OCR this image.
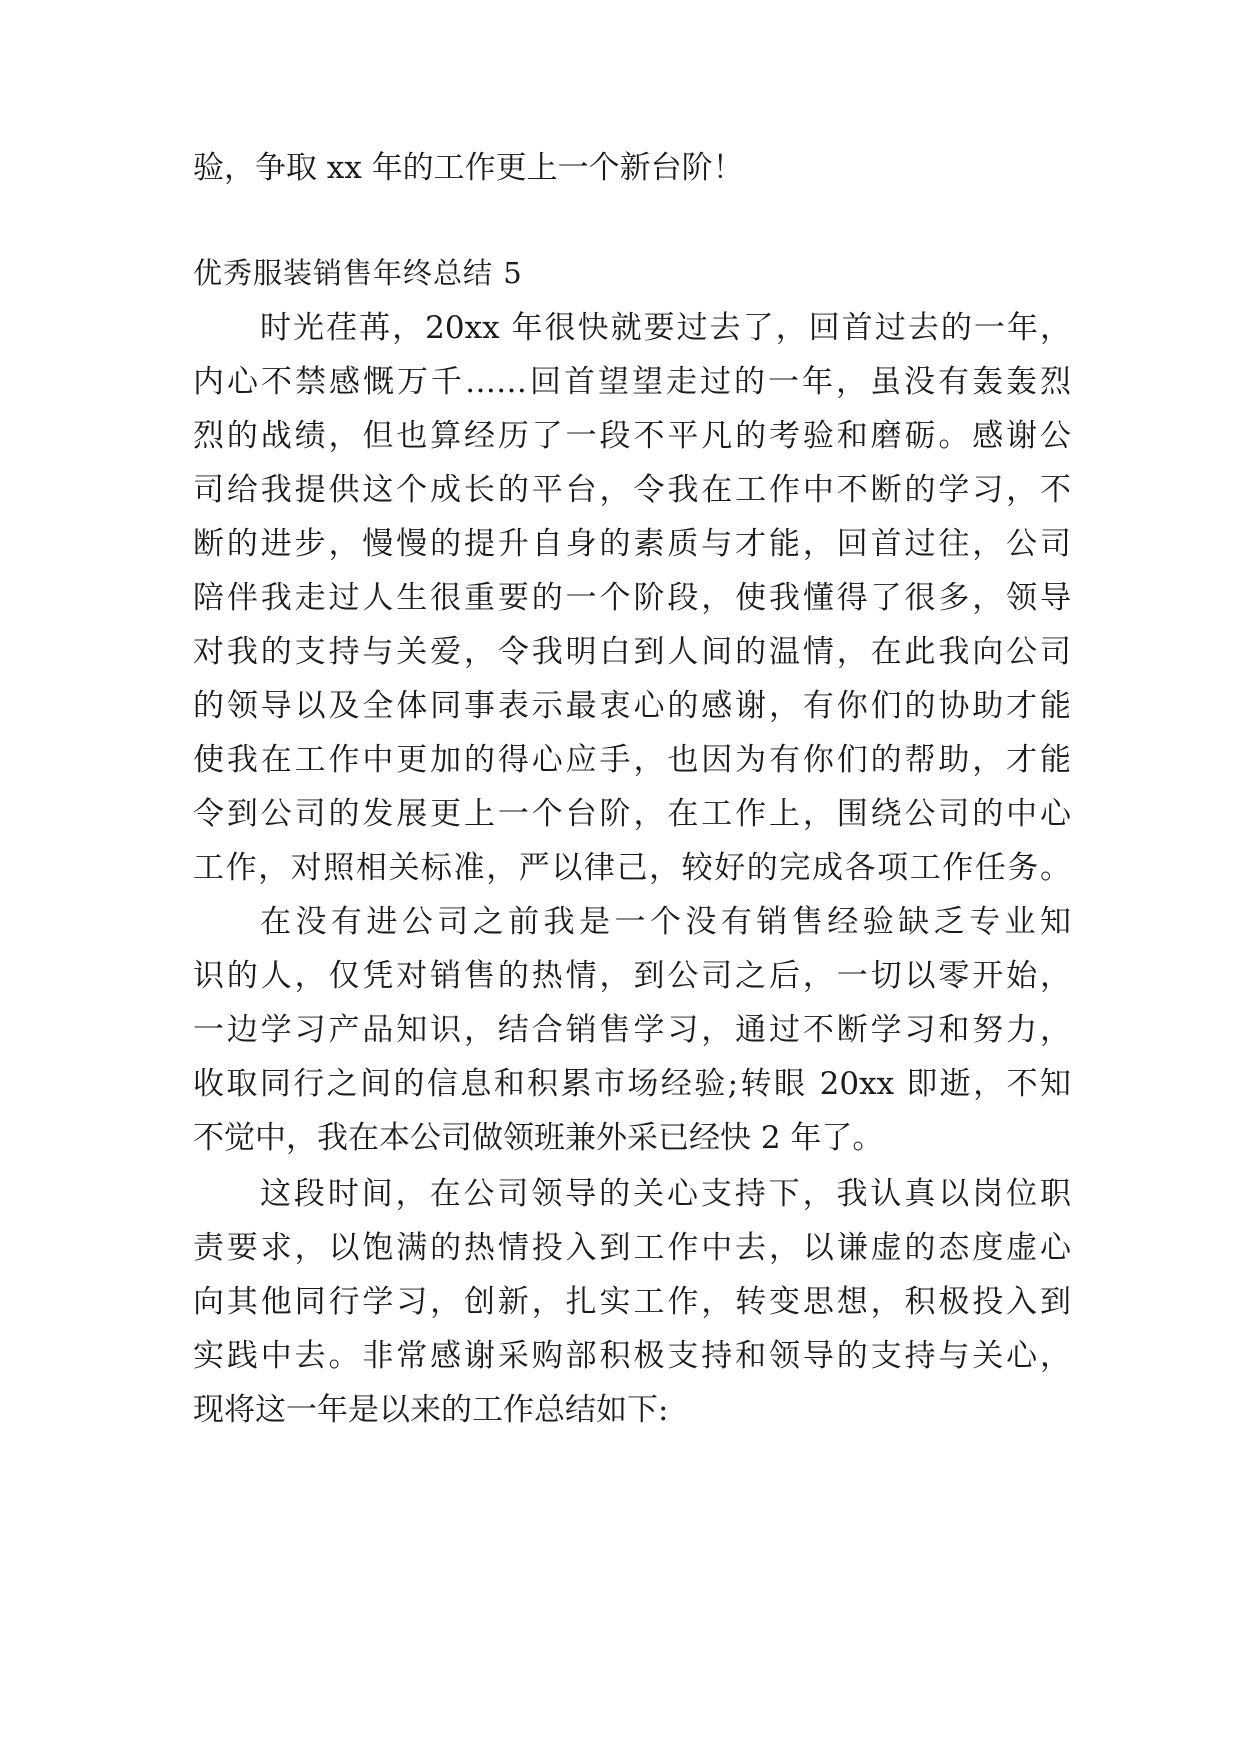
验，争取 xx 年的工作更上一个新台阶！
优秀服装销售年终总结 5
时光荏苒，20xx 年很快就要过去了，回首过去的一年，
内心不禁感慨万千……回首望望走过的一年，虽没有轰轰烈
烈的战绩，但也算经历了一段不平凡的考验和磨砺。感谢公
司给我提供这个成长的平台，令我在工作中不断的学习，不
断的进步，慢慢的提升自身的素质与才能，回首过往，公司
陪伴我走过人生很重要的一个阶段，使我懂得了很多，领导
对我的支持与关爱，令我明白到人间的温情，在此我向公司
的领导以及全体同事表示最衷心的感谢，有你们的协助才能
使我在工作中更加的得心应手，也因为有你们的帮助，才能
令到公司的发展更上一个台阶，在工作上，围绕公司的中心
工作，对照相关标准，严以律己，较好的完成各项工作任务。
在没有进公司之前我是一个没有销售经验缺乏专业知
识的人，仅凭对销售的热情，到公司之后，一切以零开始，
一边学习产品知识，结合销售学习，通过不断学习和努力，
收取同行之间的信息和积累市场经验;转眼 20xx 即逝，不知
不觉中，我在本公司做领班兼外采已经快 2 年了。
这段时间，在公司领导的关心支持下，我认真以岗位职
责要求，以饱满的热情投入到工作中去，以谦虚的态度虚心
向其他同行学习，创新，扎实工作，转变思想，积极投入到
实践中去。非常感谢采购部积极支持和领导的支持与关心，
现将这一年是以来的工作总结如下:
